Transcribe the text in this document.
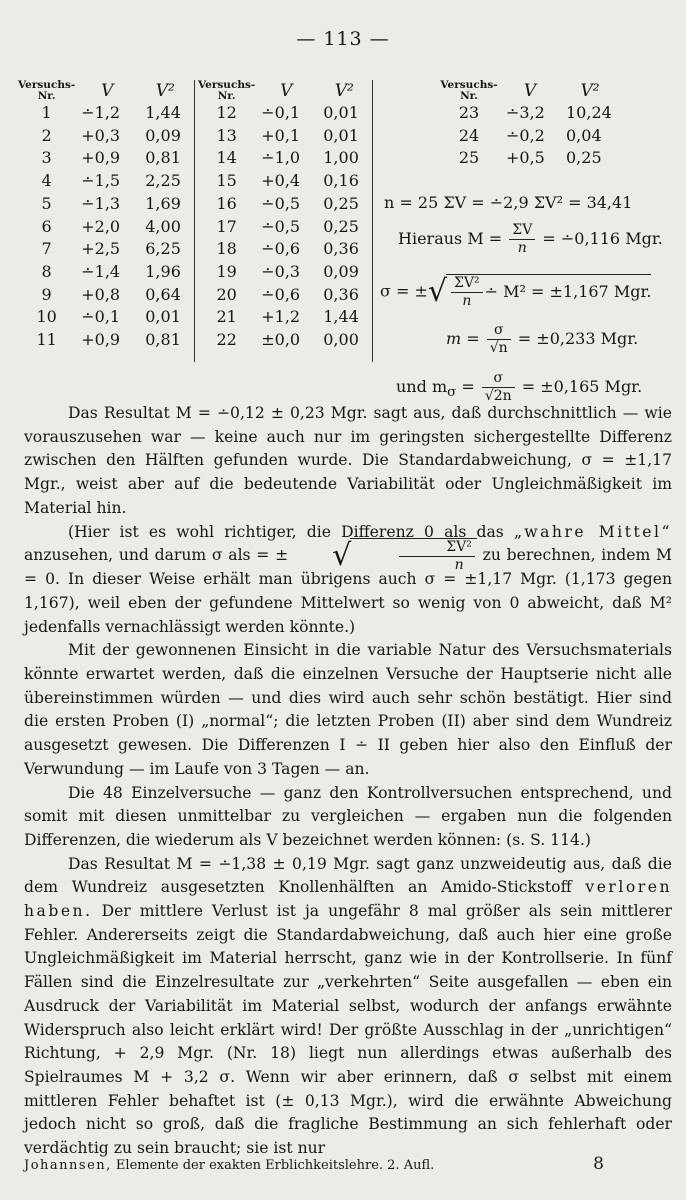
— 113 —
Versuchs-
Nr.	V	V²
1	∸1,2	1,44
2	+0,3	0,09
3	+0,9	0,81
4	∸1,5	2,25
5	∸1,3	1,69
6	+2,0	4,00
7	+2,5	6,25
8	∸1,4	1,96
9	+0,8	0,64
10	∸0,1	0,01
11	+0,9	0,81
Versuchs-
Nr.	V	V²
12	∸0,1	0,01
13	+0,1	0,01
14	∸1,0	1,00
15	+0,4	0,16
16	∸0,5	0,25
17	∸0,5	0,25
18	∸0,6	0,36
19	∸0,3	0,09
20	∸0,6	0,36
21	+1,2	1,44
22	±0,0	0,00
Versuchs-
Nr.	V	V²
23	∸3,2	10,24
24	∸0,2	0,04
25	+0,5	0,25
n = 25 ΣV = ∸2,9 ΣV² = 34,41
Hieraus $M = \frac{\Sigma V}{n}$ = ∸0,116 Mgr.
σ = ±√ $\frac{\text{ΣV²}}{n}$ ∸ M² = ±1,167 Mgr.
$m = \frac{\sigma}{√n} = \pm 0,233$ Mgr.
und $m_\sigma = \frac{\sigma}{√2n} = \pm 0,165$ Mgr.

Das Resultat M = ∸0,12 ± 0,23 Mgr. sagt aus, daß durchschnittlich — wie vorauszusehen war — keine auch nur im geringsten sichergestellte Differenz zwischen den Hälften gefunden wurde. Die Standardabweichung, σ = ±1,17 Mgr., weist aber auf die bedeutende Variabilität oder Ungleichmäßigkeit im Material hin.

(Hier ist es wohl richtiger, die Differenz 0 als das „wahre Mittel“ anzusehen, und darum σ als = ± √	$\frac{\text{ΣV²}}{n}$ zu berechnen, indem M = 0. In dieser Weise erhält man übrigens auch σ = ±1,17 Mgr. (1,173 gegen 1,167), weil eben der gefundene Mittelwert so wenig von 0 abweicht, daß M² jedenfalls vernachlässigt werden könnte.)

Mit der gewonnenen Einsicht in die variable Natur des Versuchsmaterials könnte erwartet werden, daß die einzelnen Versuche der Hauptserie nicht alle übereinstimmen würden — und dies wird auch sehr schön bestätigt. Hier sind die ersten Proben (I) „normal“; die letzten Proben (II) aber sind dem Wundreiz ausgesetzt gewesen. Die Differenzen I ∸ II geben hier also den Einfluß der Verwundung — im Laufe von 3 Tagen — an.

Die 48 Einzelversuche — ganz den Kontrollversuchen entsprechend, und somit mit diesen unmittelbar zu vergleichen — ergaben nun die folgenden Differenzen, die wiederum als V bezeichnet werden können: (s. S. 114.)

Das Resultat M = ∸1,38 ± 0,19 Mgr. sagt ganz unzweideutig aus, daß die dem Wundreiz ausgesetzten Knollenhälften an Amido-Stickstoff verloren haben. Der mittlere Verlust ist ja ungefähr 8 mal größer als sein mittlerer Fehler. Andererseits zeigt die Standardabweichung, daß auch hier eine große Ungleichmäßigkeit im Material herrscht, ganz wie in der Kontrollserie. In fünf Fällen sind die Einzelresultate zur „verkehrten“ Seite ausgefallen — eben ein Ausdruck der Variabilität im Material selbst, wodurch der anfangs erwähnte Widerspruch also leicht erklärt wird! Der größte Ausschlag in der „unrichtigen“ Richtung, + 2,9 Mgr. (Nr. 18) liegt nun allerdings etwas außerhalb des Spielraumes M + 3,2 σ. Wenn wir aber erinnern, daß σ selbst mit einem mittleren Fehler behaftet ist (± 0,13 Mgr.), wird die erwähnte Abweichung jedoch nicht so groß, daß die fragliche Bestimmung an sich fehlerhaft oder verdächtig zu sein braucht; sie ist nur

Johannsen, Elemente der exakten Erblichkeitslehre. 2. Aufl.	8
